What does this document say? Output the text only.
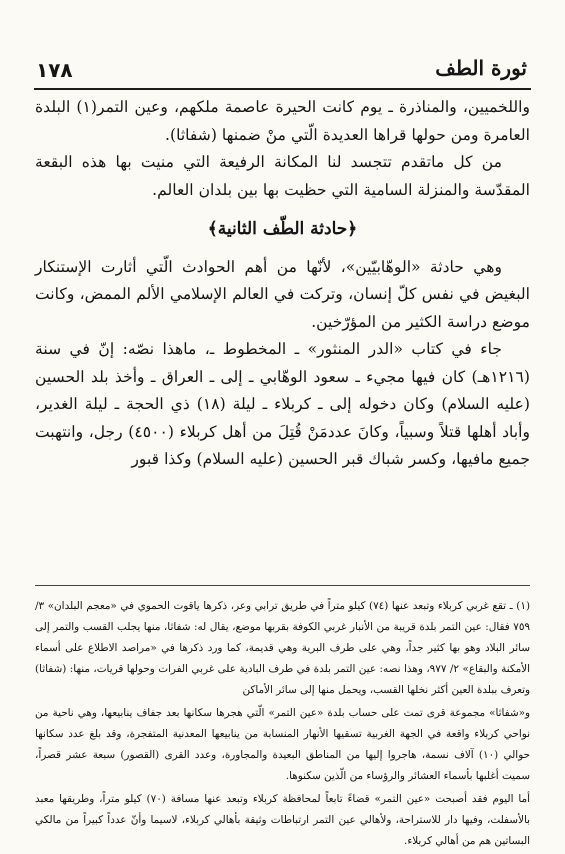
١٧٨	ثورة الطف

واللخميين، والمناذرة ـ يوم كانت الحيرة عاصمة ملكهم، وعين التمر(١) البلدة العامرة ومن حولها قراها العديدة الّتي منْ ضمنها (شفاثا).

من كل ماتقدم تتجسد لنا المكانة الرفيعة التي منيت بها هذه البقعة المقدّسة والمنزلة السامية التي حظيت بها بين بلدان العالم.

﴿حادثة الطّف الثانية﴾

وهي حادثة «الوهّابيّين»، لأنّها من أهم الحوادث الّتي أثارت الإستنكار البغيض في نفس كلّ إنسان، وتركت في العالم الإسلامي الألم الممض، وكانت موضع دراسة الكثير من المؤرّخين.

جاء في كتاب «الدر المنثور» ـ المخطوط ـ، ماهذا نصّه: إنّ في سنة (١٢١٦هـ) كان فيها مجيء ـ سعود الوهّابي ـ إلى ـ العراق ـ وأخذ بلد الحسين (عليه السلام) وكان دخوله إلى ـ كربلاء ـ ليلة (١٨) ذي الحجة ـ ليلة الغدير، وأباد أهلها قتلاً وسبياً، وكانَ عددمَنْ قُتِلَ من أهل كربلاء (٤٥٠٠) رجل، وانتهبت جميع مافيها، وكسر شباك قبر الحسين (عليه السلام) وكذا قبور

(١) ـ تقع غربي كربلاء وتبعد عنها (٧٤) كيلو متراً في طريق ترابي وعر، ذكرها ياقوت الحموي في «معجم البلدان» ٣/ ٧٥٩ فقال: عين التمر بلدة قريبة من الأنبار غربي الكوفة بقربها موضع، يقال له: شفاثا، منها يجلب القسب والتمر إلى سائر البلاد وهو بها كثير جداً، وهي على طرف البرية وهي قديمة، كما ورد ذكرها في «مراصد الاطلاع على أسماء الأمكنة والبقاع» ٢/ ٩٧٧، وهذا نصه: عين التمر بلدة في طرف البادية على غربي الفرات وحولها قريات، منها: (شفاثا) وتعرف ببلدة العين أكثر نخلها القسب، ويحمل منها إلى سائر الأماكن

و«شفاثا» مجموعة قرى تمت على حساب بلدة «عين التمر» الّتي هجرها سكانها بعد جفاف ينابيعها، وهي ناحية من نواحي كربلاء واقعة في الجهة الغربية تسقيها الأنهار المنسابة من ينابيعها المعدنية المتفجرة، وقد بلغ عدد سكانها حوالي (١٠) آلاف نسمة، هاجروا إليها من المناطق البعيدة والمجاورة، وعدد القرى (القصور) سبعة عشر قصراً، سميت أغلبها بأسماء العشائر والرؤساء من الّذين سكنوها.

أما اليوم فقد أصبحت «عين التمر» قضاءً تابعاً لمحافظة كربلاء وتبعد عنها مسافة (٧٠) كيلو متراً، وطريقها معبد بالأسفلت، وفيها دار للاستراحة، ولأهالي عين التمر ارتباطات وثيقة بأهالي كربلاء، لاسيما وأنّ عدداً كبيراً من مالكي البساتين هم من أهالي كربلاء.
